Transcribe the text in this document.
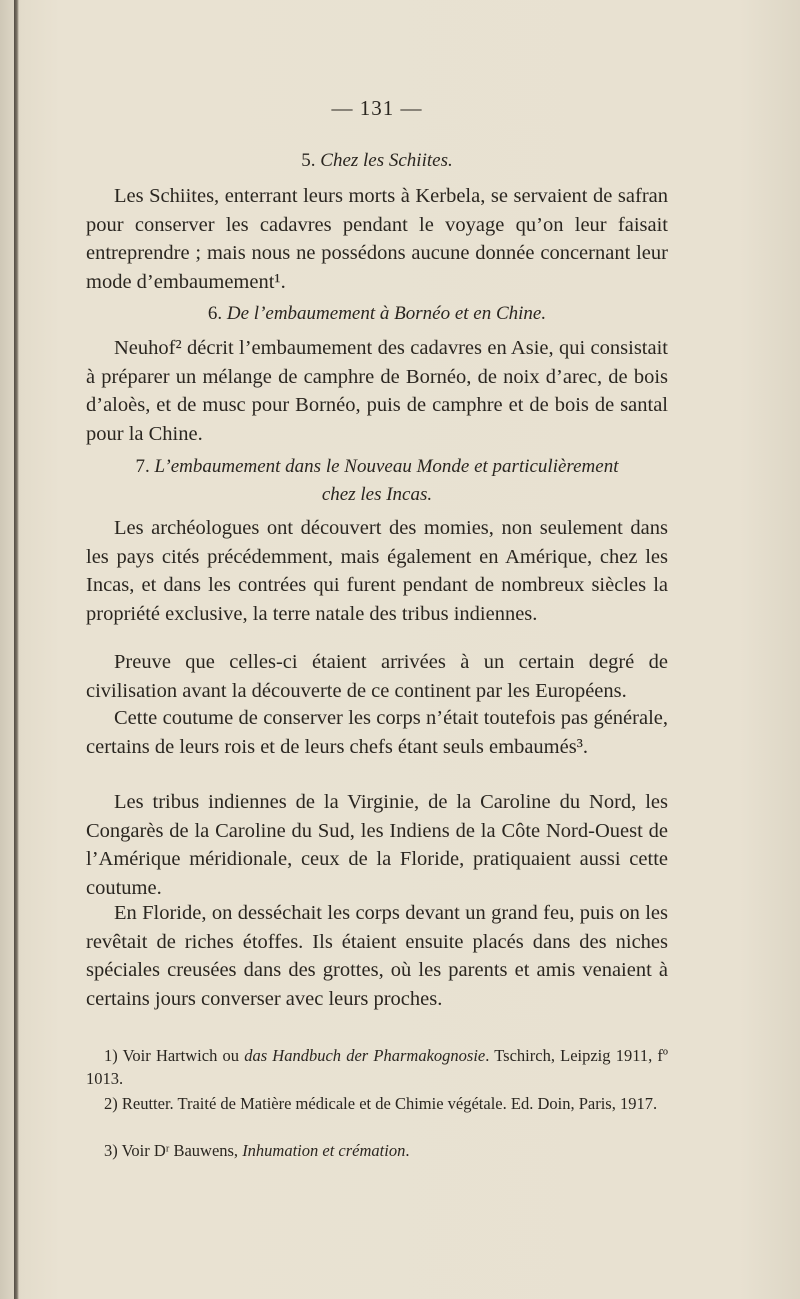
— 131 —
5. Chez les Schiites.
Les Schiites, enterrant leurs morts à Kerbela, se servaient de safran pour conserver les cadavres pendant le voyage qu’on leur faisait entreprendre ; mais nous ne possédons aucune donnée concernant leur mode d’embaumement¹.
6. De l’embaumement à Bornéo et en Chine.
Neuhof² décrit l’embaumement des cadavres en Asie, qui consistait à préparer un mélange de camphre de Bornéo, de noix d’arec, de bois d’aloès, et de musc pour Bornéo, puis de camphre et de bois de santal pour la Chine.
7. L’embaumement dans le Nouveau Monde et particulièrement
chez les Incas.
Les archéologues ont découvert des momies, non seulement dans les pays cités précédemment, mais également en Amérique, chez les Incas, et dans les contrées qui furent pendant de nombreux siècles la propriété exclusive, la terre natale des tribus indiennes.
Preuve que celles-ci étaient arrivées à un certain degré de civilisation avant la découverte de ce continent par les Européens.
Cette coutume de conserver les corps n’était toutefois pas générale, certains de leurs rois et de leurs chefs étant seuls embaumés³.
Les tribus indiennes de la Virginie, de la Caroline du Nord, les Congarès de la Caroline du Sud, les Indiens de la Côte Nord-Ouest de l’Amérique méridionale, ceux de la Floride, pratiquaient aussi cette coutume.
En Floride, on desséchait les corps devant un grand feu, puis on les revêtait de riches étoffes. Ils étaient ensuite placés dans des niches spéciales creusées dans des grottes, où les parents et amis venaient à certains jours converser avec leurs proches.
1) Voir Hartwich ou das Handbuch der Pharmakognosie. Tschirch, Leipzig 1911, fº 1013.
2) Reutter. Traité de Matière médicale et de Chimie végétale. Ed. Doin, Paris, 1917.
3) Voir Dʳ Bauwens, Inhumation et crémation.
